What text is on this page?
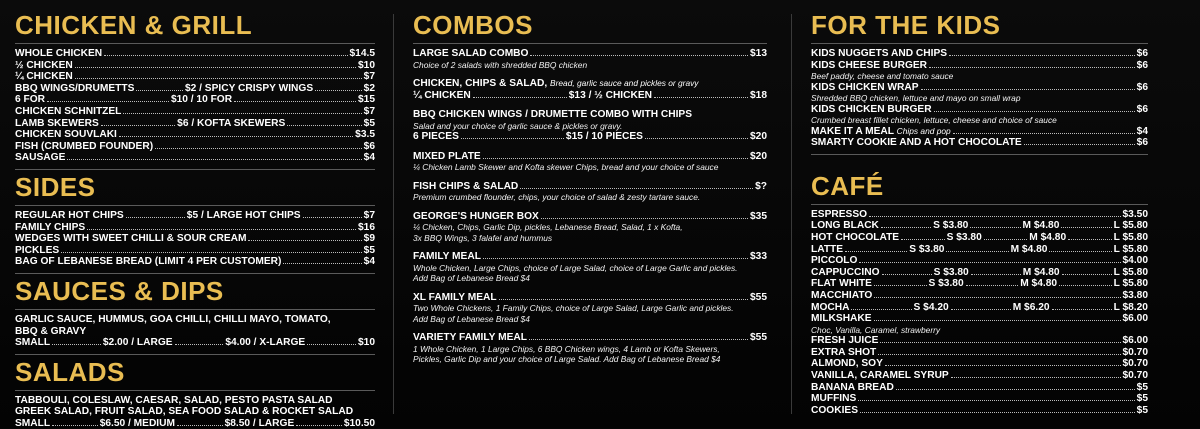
CHICKEN & GRILL
WHOLE CHICKEN	$14.5
½ CHICKEN	$10
¼ CHICKEN	$7
BBQ WINGS/DRUMETTS	$2 / SPICY CRISPY WINGS	$2
6 FOR	$10 / 10 FOR	$15
CHICKEN SCHNITZEL	$7
LAMB SKEWERS	$6 / KOFTA SKEWERS	$5
CHICKEN SOUVLAKI	$3.5
FISH (CRUMBED FOUNDER)	$6
SAUSAGE	$4
SIDES
REGULAR HOT CHIPS	$5 / LARGE HOT CHIPS	$7
FAMILY CHIPS	$16
WEDGES WITH SWEET CHILLI & SOUR CREAM	$9
PICKLES	$5
BAG OF LEBANESE BREAD (LIMIT 4 PER CUSTOMER)	$4
SAUCES & DIPS
GARLIC SAUCE, HUMMUS, GOA CHILLI, CHILLI MAYO, TOMATO,
BBQ & GRAVY
SMALL	$2.00 / LARGE	$4.00 / X-LARGE	$10
SALADS
TABBOULI, COLESLAW, CAESAR, SALAD, PESTO PASTA SALAD
GREEK SALAD, FRUIT SALAD, SEA FOOD SALAD & ROCKET SALAD
SMALL	$6.50 / MEDIUM	$8.50 / LARGE	$10.50
COMBOS
LARGE SALAD COMBO	$13
Choice of 2 salads with shredded BBQ chicken
CHICKEN, CHIPS & SALAD, Bread, garlic sauce and pickles or gravy
¼ CHICKEN	$13 / ½ CHICKEN	$18
BBQ CHICKEN WINGS / DRUMETTE COMBO WITH CHIPS
Salad and your choice of garlic sauce & pickles or gravy.
6 PIECES	$15 / 10 PIECES	$20
MIXED PLATE	$20
¼ Chicken Lamb Skewer and Kofta skewer Chips, bread and your choice of sauce
FISH CHIPS & SALAD	$?
Premium crumbed flounder, chips, your choice of salad & zesty tartare sauce.
GEORGE'S HUNGER BOX	$35
¼ Chicken, Chips, Garlic Dip, pickles, Lebanese Bread, Salad, 1 x Kofta,
3x BBQ Wings, 3 falafel and hummus
FAMILY MEAL	$33
Whole Chicken, Large Chips, choice of Large Salad, choice of Large Garlic and pickles.
Add Bag of Lebanese Bread $4
XL FAMILY MEAL	$55
Two Whole Chickens, 1 Family Chips, choice of Large Salad, Large Garlic and pickles.
Add Bag of Lebanese Bread $4
VARIETY FAMILY MEAL	$55
1 Whole Chicken, 1 Large Chips, 6 BBQ Chicken wings, 4 Lamb or Kofta Skewers,
Pickles, Garlic Dip and your choice of Large Salad. Add Bag of Lebanese Bread $4
FOR THE KIDS
KIDS NUGGETS AND CHIPS	$6
KIDS CHEESE BURGER	$6
Beef paddy, cheese and tomato sauce
KIDS CHICKEN WRAP	$6
Shredded BBQ chicken, lettuce and mayo on small wrap
KIDS CHICKEN BURGER	$6
Crumbed breast fillet chicken, lettuce, cheese and choice of sauce
MAKE IT A MEAL Chips and pop	$4
SMARTY COOKIE AND A HOT CHOCOLATE	$6
CAFÉ
ESPRESSO	$3.50
LONG BLACK	S $3.80	M $4.80	L $5.80
HOT CHOCOLATE	S $3.80	M $4.80	L $5.80
LATTE	S $3.80	M $4.80	L $5.80
PICCOLO	$4.00
CAPPUCCINO	S $3.80	M $4.80	L $5.80
FLAT WHITE	S $3.80	M $4.80	L $5.80
MACCHIATO	$3.80
MOCHA	S $4.20	M $6.20	L $8.20
MILKSHAKE	$6.00
Choc, Vanilla, Caramel, strawberry
FRESH JUICE	$6.00
EXTRA SHOT	$0.70
ALMOND, SOY	$0.70
VANILLA, CARAMEL SYRUP	$0.70
BANANA BREAD	$5
MUFFINS	$5
COOKIES	$5
